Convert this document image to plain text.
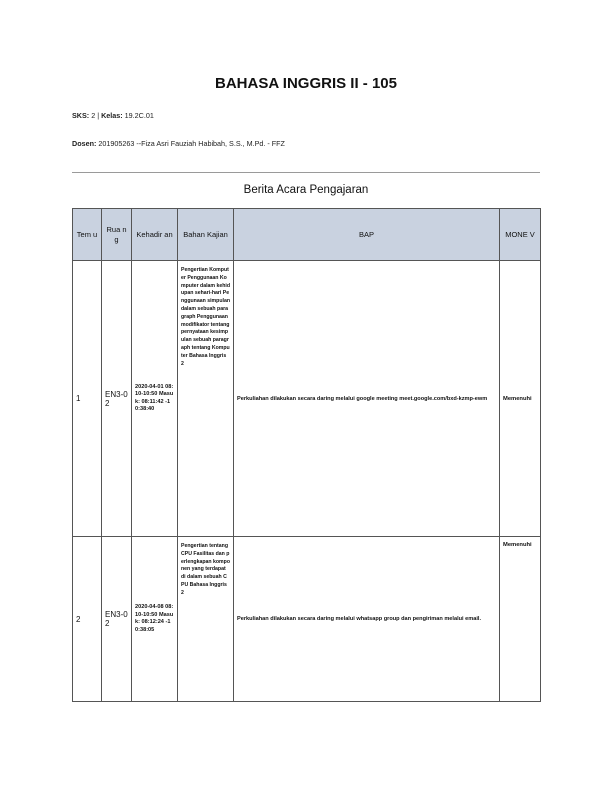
BAHASA INGGRIS II - 105
SKS: 2 | Kelas: 19.2C.01
Dosen: 201905263 --Fiza Asri Fauziah Habibah, S.S., M.Pd. - FFZ
Berita Acara Pengajaran
Tem u	Rua ng	Kehadir an	Bahan Kajian	BAP	MONE V
1	EN3-02	2020-04-01 08:10-10:50 Masuk: 08:11:42 -10:38:40	Pengertian Komputer Penggunaan Komputer dalam kehidupan sehari-hari Penggunaan simpulan dalam sebuah paragraph Penggunaan modifikator tentang pernyataan kesimpulan sebuah paragraph tentang Komputer Bahasa Inggris 2	Perkuliahan dilakukan secara daring melalui google meeting meet.google.com/bxd-kzmp-ewm	Memenuhi
2	EN3-02	2020-04-08 08:10-10:50 Masuk: 08:12:24 -10:38:05	Pengertian tentang CPU Fasilitas dan perlengkapan komponen yang terdapat di dalam sebuah CPU Bahasa Inggris 2	Perkuliahan dilakukan secara daring melalui whatsapp group dan pengiriman melalui email.	Memenuhi
